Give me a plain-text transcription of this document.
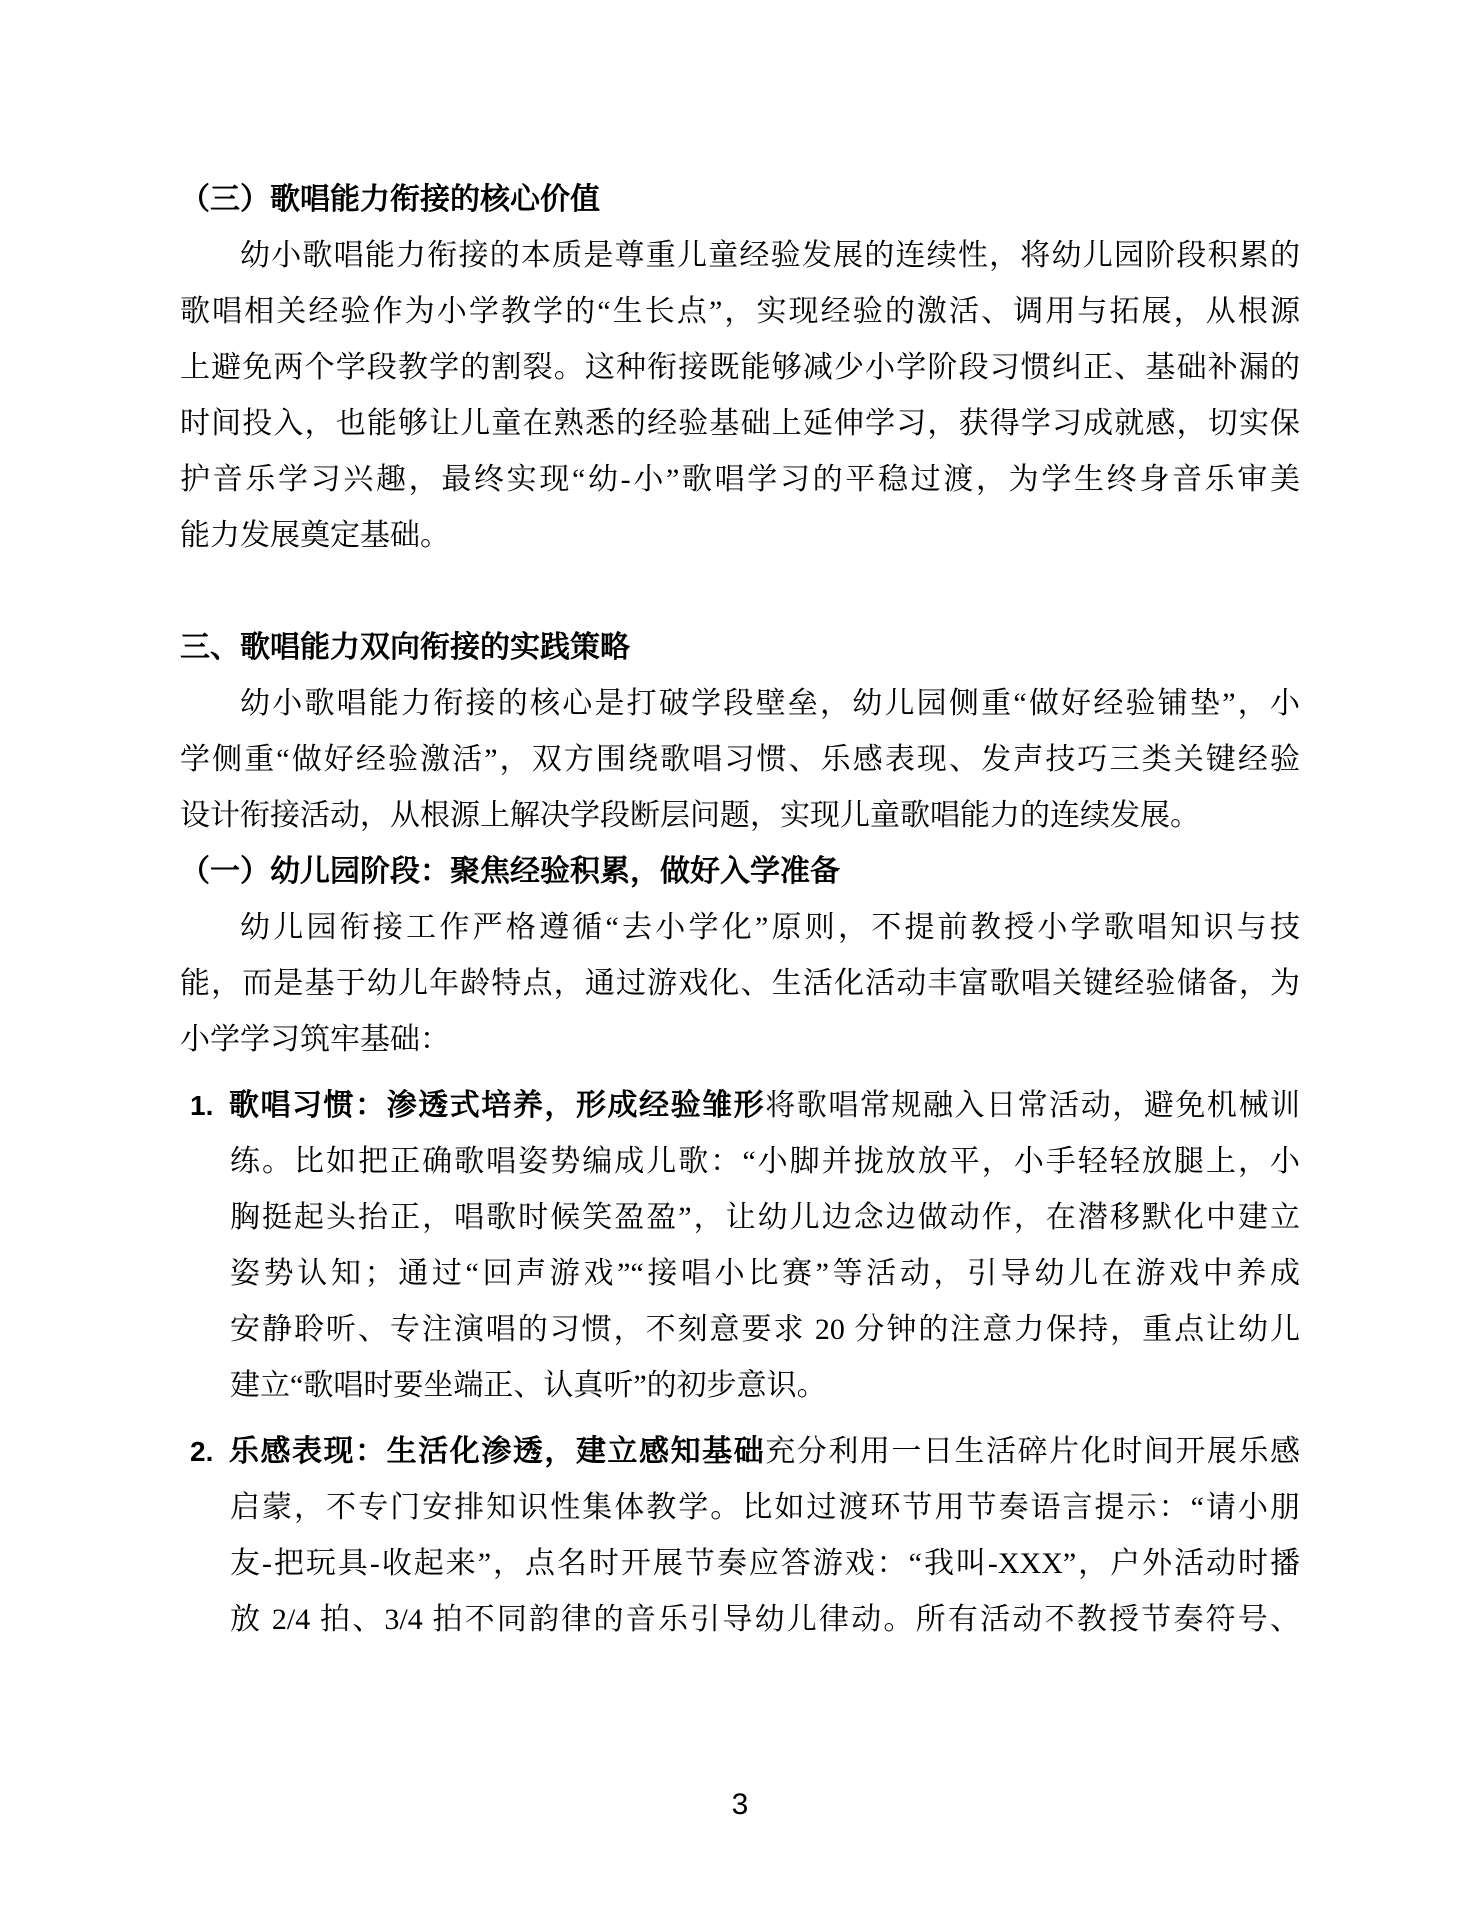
（三）歌唱能力衔接的核心价值
幼小歌唱能力衔接的本质是尊重儿童经验发展的连续性，将幼儿园阶段积累的
歌唱相关经验作为小学教学的“生长点”，实现经验的激活、调用与拓展，从根源
上避免两个学段教学的割裂。这种衔接既能够减少小学阶段习惯纠正、基础补漏的
时间投入，也能够让儿童在熟悉的经验基础上延伸学习，获得学习成就感，切实保
护音乐学习兴趣，最终实现“幼-小”歌唱学习的平稳过渡，为学生终身音乐审美
能力发展奠定基础。
三、歌唱能力双向衔接的实践策略
幼小歌唱能力衔接的核心是打破学段壁垒，幼儿园侧重“做好经验铺垫”，小
学侧重“做好经验激活”，双方围绕歌唱习惯、乐感表现、发声技巧三类关键经验
设计衔接活动，从根源上解决学段断层问题，实现儿童歌唱能力的连续发展。
（一）幼儿园阶段：聚焦经验积累，做好入学准备
幼儿园衔接工作严格遵循“去小学化”原则，不提前教授小学歌唱知识与技
能，而是基于幼儿年龄特点，通过游戏化、生活化活动丰富歌唱关键经验储备，为
小学学习筑牢基础：
1. 歌唱习惯：渗透式培养，形成经验雏形将歌唱常规融入日常活动，避免机械训
练。比如把正确歌唱姿势编成儿歌：“小脚并拢放放平，小手轻轻放腿上，小
胸挺起头抬正，唱歌时候笑盈盈”，让幼儿边念边做动作，在潜移默化中建立
姿势认知；通过“回声游戏”“接唱小比赛”等活动，引导幼儿在游戏中养成
安静聆听、专注演唱的习惯，不刻意要求 20 分钟的注意力保持，重点让幼儿
建立“歌唱时要坐端正、认真听”的初步意识。
2. 乐感表现：生活化渗透，建立感知基础充分利用一日生活碎片化时间开展乐感
启蒙，不专门安排知识性集体教学。比如过渡环节用节奏语言提示：“请小朋
友-把玩具-收起来”，点名时开展节奏应答游戏：“我叫-XXX”，户外活动时播
放 2/4 拍、3/4 拍不同韵律的音乐引导幼儿律动。所有活动不教授节奏符号、
3
